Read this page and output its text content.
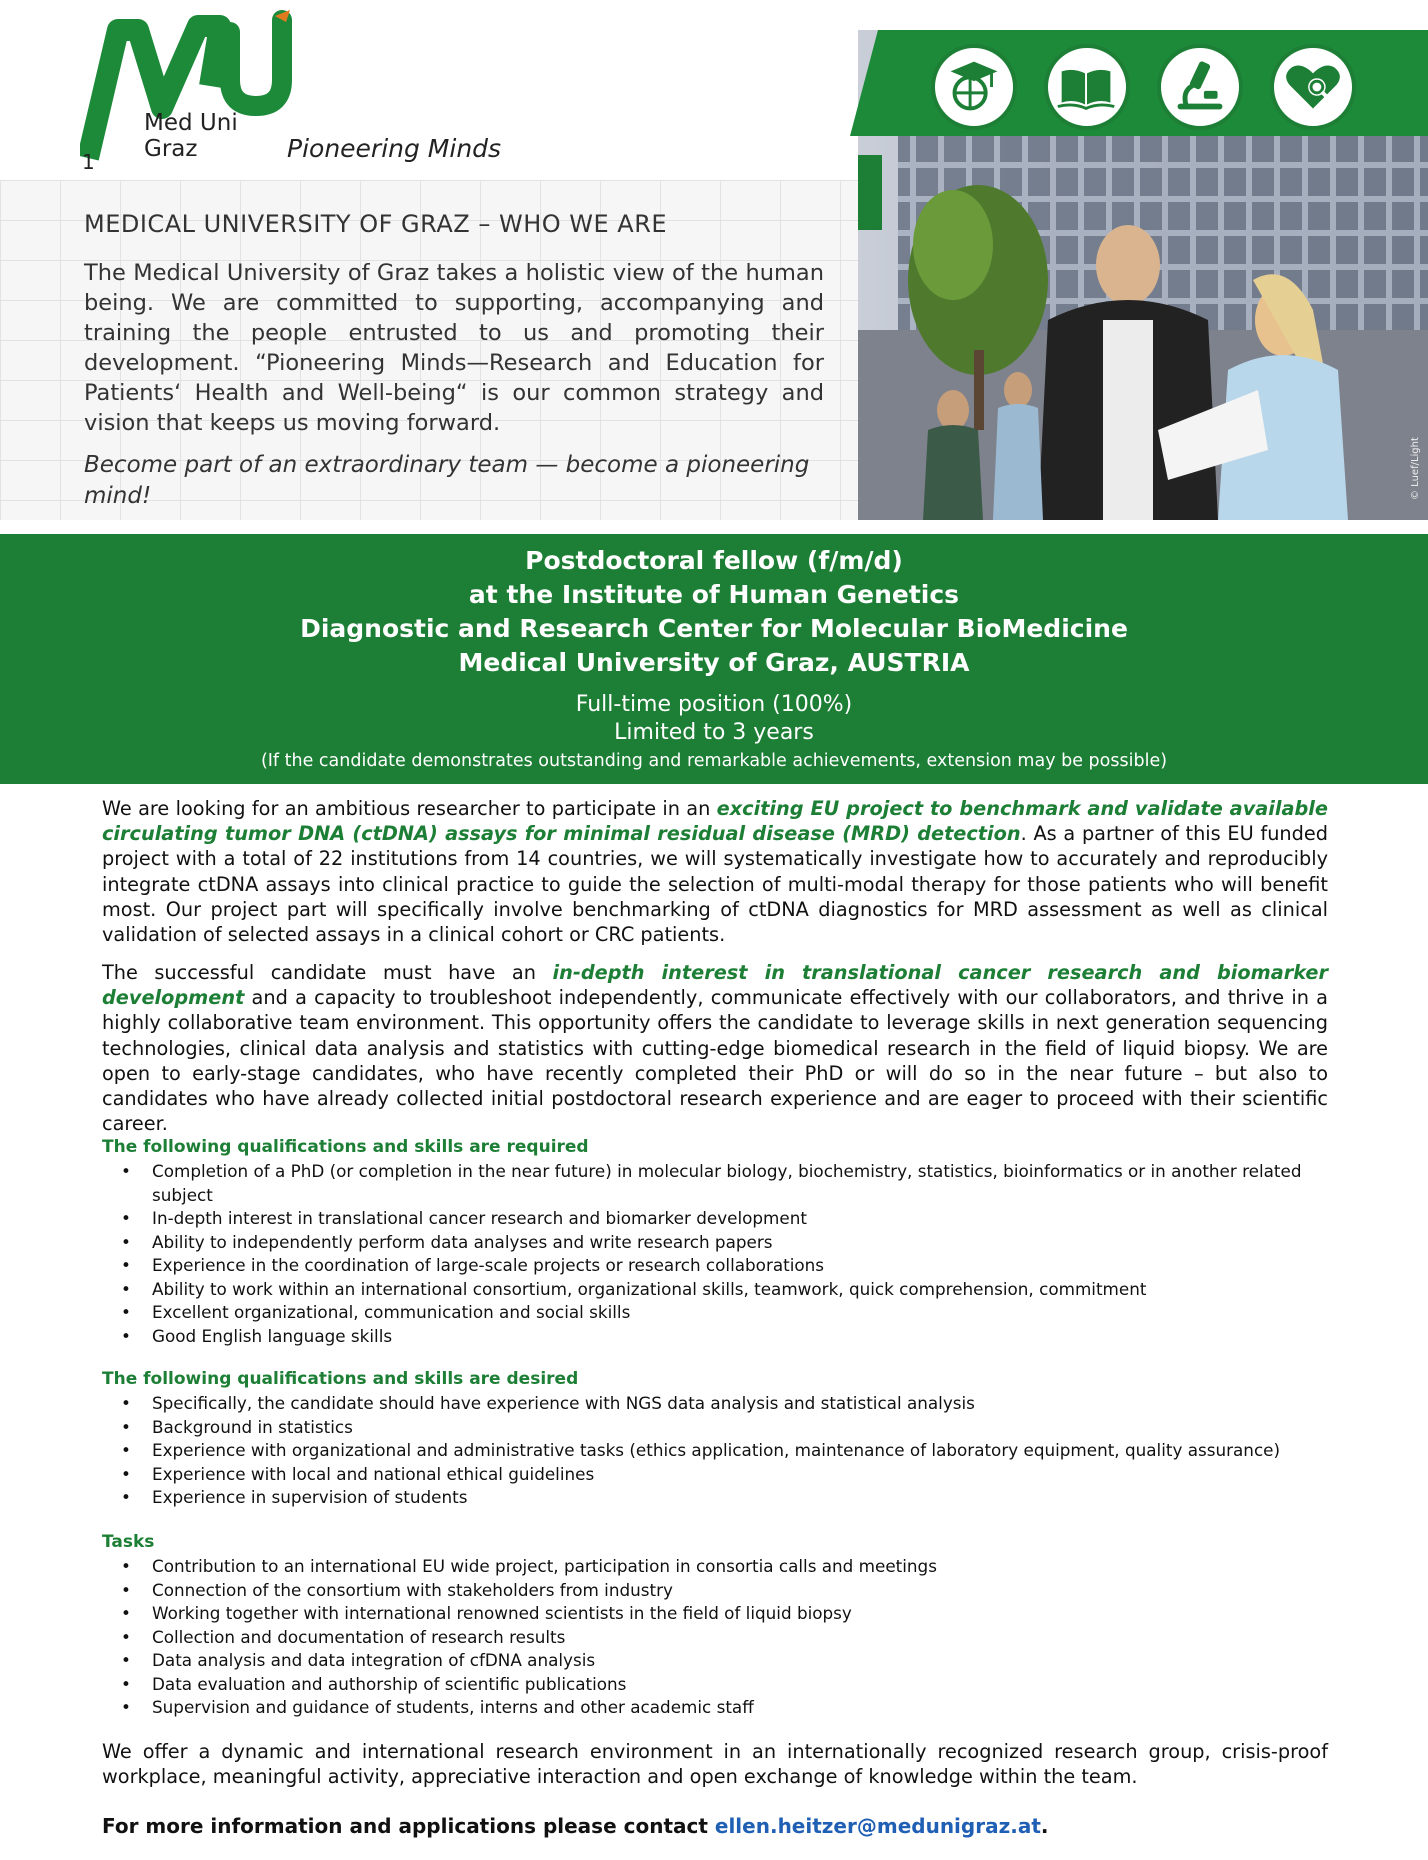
Med Uni
Graz
1	Pioneering Minds
MEDICAL UNIVERSITY OF GRAZ – WHO WE ARE
The Medical University of Graz takes a holistic view of the human being. We are committed to supporting, accompanying and training the people entrusted to us and promoting their development. “Pioneering Minds—Research and Education for Patients‘ Health and Well-being“ is our common strategy and vision that keeps us moving forward.
Become part of an extraordinary team — become a pioneering mind!	© Luef/Light
Postdoctoral fellow (f/m/d)
at the Institute of Human Genetics
Diagnostic and Research Center for Molecular BioMedicine
Medical University of Graz, AUSTRIA
Full-time position (100%)
Limited to 3 years
(If the candidate demonstrates outstanding and remarkable achievements, extension may be possible)
We are looking for an ambitious researcher to participate in an exciting EU project to benchmark and validate available circulating tumor DNA (ctDNA) assays for minimal residual disease (MRD) detection. As a partner of this EU funded project with a total of 22 institutions from 14 countries, we will systematically investigate how to accurately and reproducibly integrate ctDNA assays into clinical practice to guide the selection of multi-modal therapy for those patients who will benefit most. Our project part will specifically involve benchmarking of ctDNA diagnostics for MRD assessment as well as clinical validation of selected assays in a clinical cohort or CRC patients.
The successful candidate must have an in-depth interest in translational cancer research and biomarker development and a capacity to troubleshoot independently, communicate effectively with our collaborators, and thrive in a highly collaborative team environment. This opportunity offers the candidate to leverage skills in next generation sequencing technologies, clinical data analysis and statistics with cutting-edge biomedical research in the field of liquid biopsy. We are open to early-stage candidates, who have recently completed their PhD or will do so in the near future – but also to candidates who have already collected initial postdoctoral research experience and are eager to proceed with their scientific career.
The following qualifications and skills are required
• Completion of a PhD (or completion in the near future) in molecular biology, biochemistry, statistics, bioinformatics or in another related subject
• In-depth interest in translational cancer research and biomarker development
• Ability to independently perform data analyses and write research papers
• Experience in the coordination of large-scale projects or research collaborations
• Ability to work within an international consortium, organizational skills, teamwork, quick comprehension, commitment
• Excellent organizational, communication and social skills
• Good English language skills
The following qualifications and skills are desired
• Specifically, the candidate should have experience with NGS data analysis and statistical analysis
• Background in statistics
• Experience with organizational and administrative tasks (ethics application, maintenance of laboratory equipment, quality assurance)
• Experience with local and national ethical guidelines
• Experience in supervision of students
Tasks
• Contribution to an international EU wide project, participation in consortia calls and meetings
• Connection of the consortium with stakeholders from industry
• Working together with international renowned scientists in the field of liquid biopsy
• Collection and documentation of research results
• Data analysis and data integration of cfDNA analysis
• Data evaluation and authorship of scientific publications
• Supervision and guidance of students, interns and other academic staff
We offer a dynamic and international research environment in an internationally recognized research group, crisis-proof workplace, meaningful activity, appreciative interaction and open exchange of knowledge within the team.
For more information and applications please contact ellen.heitzer@medunigraz.at.
